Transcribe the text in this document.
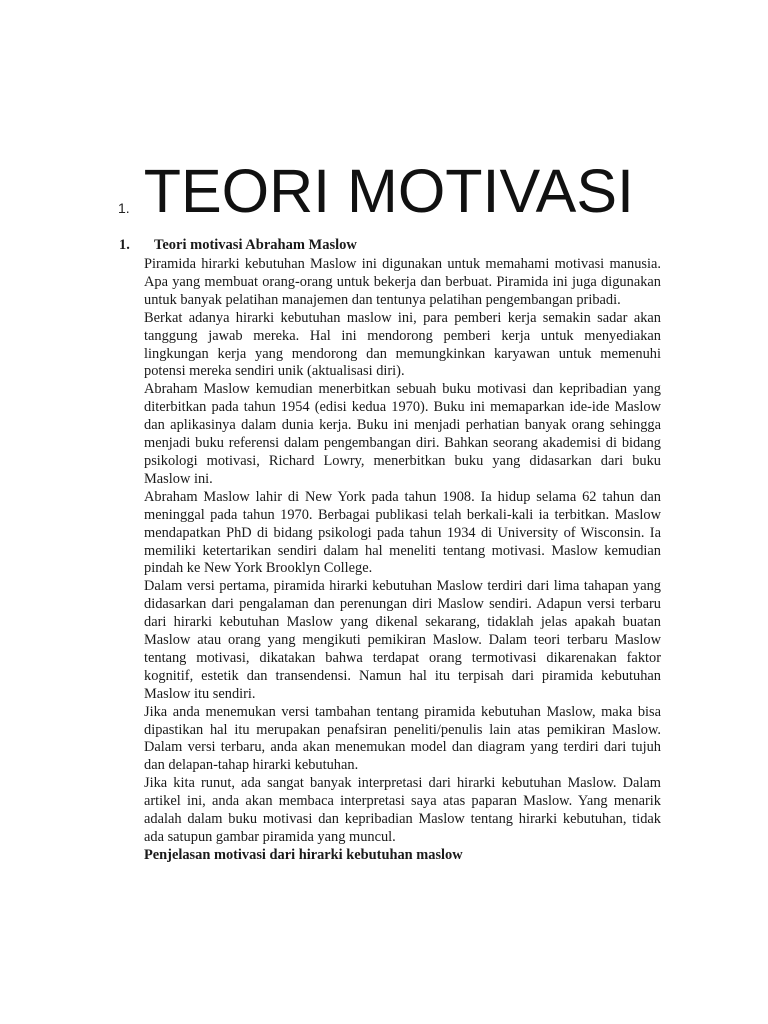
1. TEORI MOTIVASI
1.	Teori motivasi Abraham Maslow

Piramida hirarki kebutuhan Maslow ini digunakan untuk memahami motivasi manusia. Apa yang membuat orang-orang untuk bekerja dan berbuat. Piramida ini juga digunakan untuk banyak pelatihan manajemen dan tentunya pelatihan pengembangan pribadi.

Berkat adanya hirarki kebutuhan maslow ini, para pemberi kerja semakin sadar akan tanggung jawab mereka. Hal ini mendorong pemberi kerja untuk menyediakan lingkungan kerja yang mendorong dan memungkinkan karyawan untuk memenuhi potensi mereka sendiri unik (aktualisasi diri).

Abraham Maslow kemudian menerbitkan sebuah buku motivasi dan kepribadian yang diterbitkan pada tahun 1954 (edisi kedua 1970). Buku ini memaparkan ide-ide Maslow dan aplikasinya dalam dunia kerja. Buku ini menjadi perhatian banyak orang sehingga menjadi buku referensi dalam pengembangan diri. Bahkan seorang akademisi di bidang psikologi motivasi, Richard Lowry, menerbitkan buku yang didasarkan dari buku Maslow ini.

Abraham Maslow lahir di New York pada tahun 1908. Ia hidup selama 62 tahun dan meninggal pada tahun 1970. Berbagai publikasi telah berkali-kali ia terbitkan. Maslow mendapatkan PhD di bidang psikologi pada tahun 1934 di University of Wisconsin. Ia memiliki ketertarikan sendiri dalam hal meneliti tentang motivasi. Maslow kemudian pindah ke New York Brooklyn College.

Dalam versi pertama, piramida hirarki kebutuhan Maslow terdiri dari lima tahapan yang didasarkan dari pengalaman dan perenungan diri Maslow sendiri. Adapun versi terbaru dari hirarki kebutuhan Maslow yang dikenal sekarang, tidaklah jelas apakah buatan Maslow atau orang yang mengikuti pemikiran Maslow. Dalam teori terbaru Maslow tentang motivasi, dikatakan bahwa terdapat orang termotivasi dikarenakan faktor kognitif, estetik dan transendensi. Namun hal itu terpisah dari piramida kebutuhan Maslow itu sendiri.

Jika anda menemukan versi tambahan tentang piramida kebutuhan Maslow, maka bisa dipastikan hal itu merupakan penafsiran peneliti/penulis lain atas pemikiran Maslow. Dalam versi terbaru, anda akan menemukan model dan diagram yang terdiri dari tujuh dan delapan-tahap hirarki kebutuhan.

Jika kita runut, ada sangat banyak interpretasi dari hirarki kebutuhan Maslow. Dalam artikel ini, anda akan membaca interpretasi saya atas paparan Maslow. Yang menarik adalah dalam buku motivasi dan kepribadian Maslow tentang hirarki kebutuhan, tidak ada satupun gambar piramida yang muncul.

Penjelasan motivasi dari hirarki kebutuhan maslow
